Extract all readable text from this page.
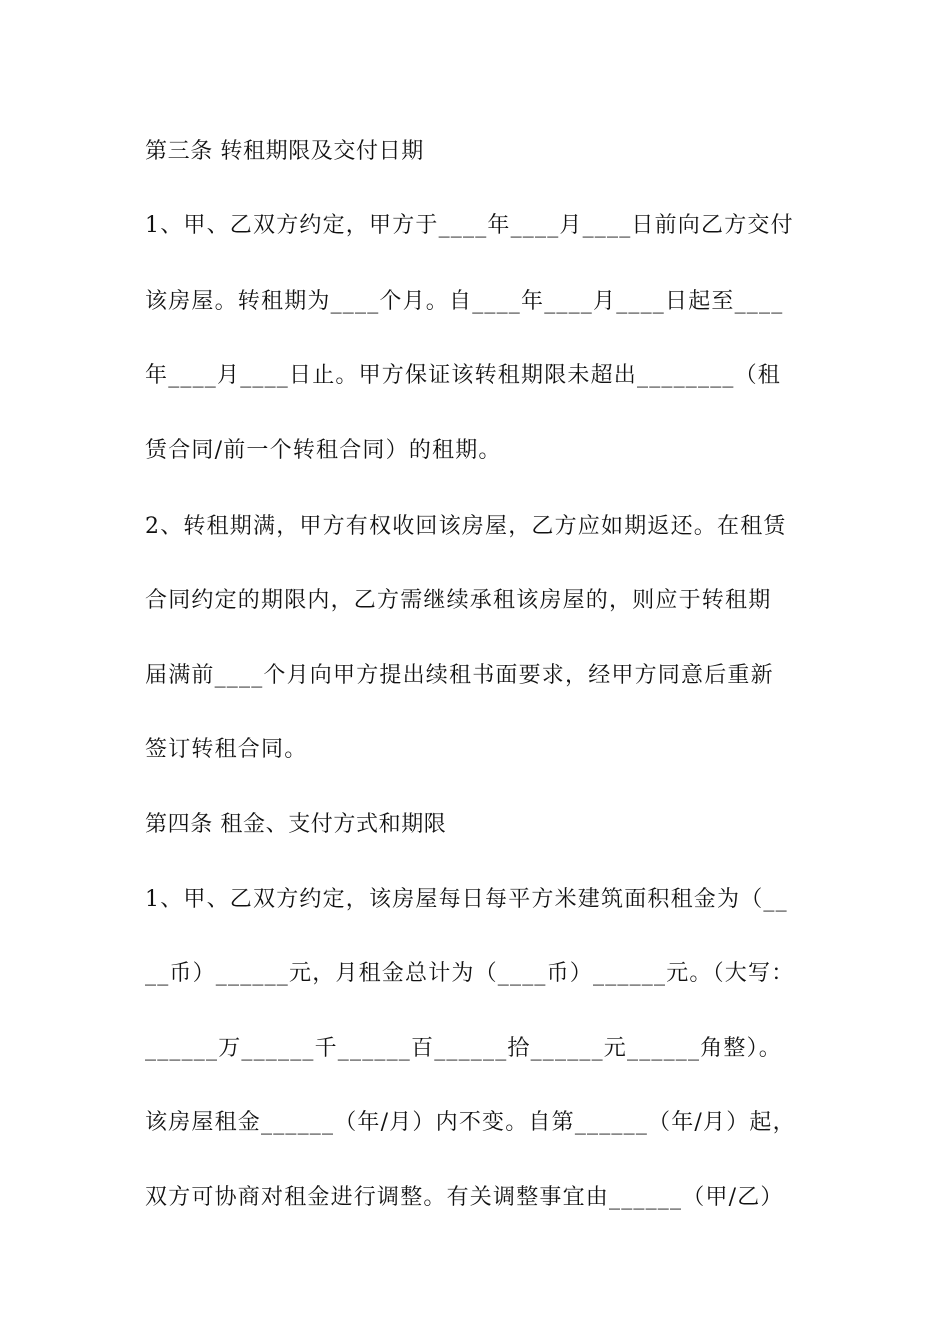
第三条 转租期限及交付日期
1、甲、乙双方约定，甲方于____年____月____日前向乙方交付
该房屋。转租期为____个月。自____年____月____日起至____
年____月____日止。甲方保证该转租期限未超出________（租
赁合同/前一个转租合同）的租期。
2、转租期满，甲方有权收回该房屋，乙方应如期返还。在租赁
合同约定的期限内，乙方需继续承租该房屋的，则应于转租期
届满前____个月向甲方提出续租书面要求，经甲方同意后重新
签订转租合同。
第四条 租金、支付方式和期限
1、甲、乙双方约定，该房屋每日每平方米建筑面积租金为（__
__币）______元，月租金总计为（____币）______元。（大写：
______万______千______百______拾______元______角整）。
该房屋租金______（年/月）内不变。自第______（年/月）起，
双方可协商对租金进行调整。有关调整事宜由______（甲/乙）
